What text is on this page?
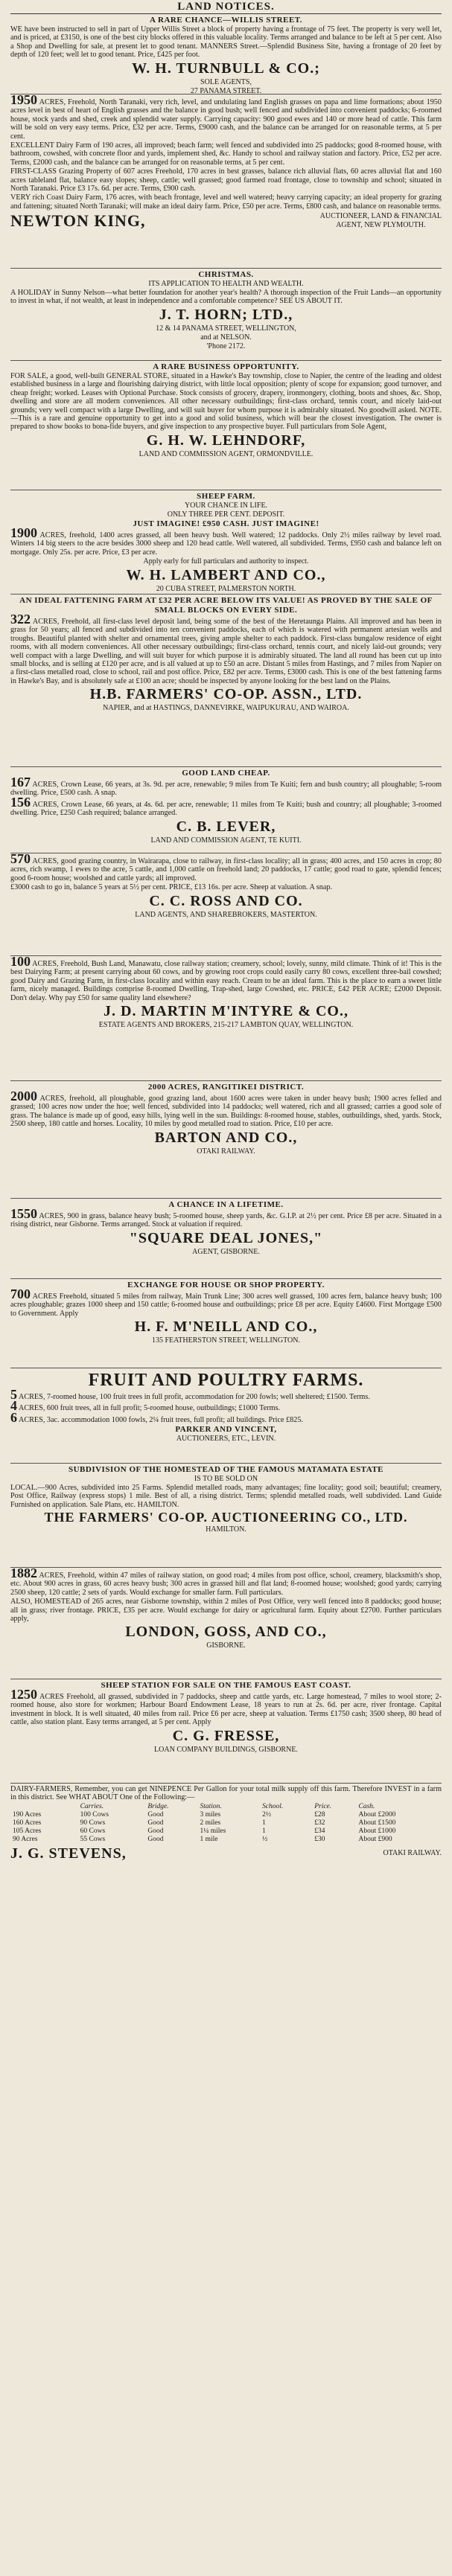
LAND NOTICES.

A RARE CHANCE—WILLIS STREET.

WE have been instructed to sell in part of Upper Willis Street a block of property having a frontage of 75 feet. The property is very well let, and is priced, at £3150, is one of the best city blocks offered in this valuable locality. Terms arranged and balance to be left at 5 per cent. Also a Shop and Dwelling for sale, at present let to good tenant. MANNERS Street.—Splendid Business Site, having a frontage of 20 feet by depth of 120 feet; well let to good tenant. Price, £425 per foot.

W. H. TURNBULL & CO.;

SOLE AGENTS,

27 PANAMA STREET.

1950 ACRES, Freehold, North Taranaki, very rich, level, and undulating land English grasses on papa and lime formations; about 1950 acres level in best of heart of English grasses and the balance in good bush; well fenced and subdivided into convenient paddocks; 6-roomed house, stock yards and shed, creek and splendid water supply. Carrying capacity: 900 good ewes and 140 or more head of cattle. This farm will be sold on very easy terms. Price, £32 per acre. Terms, £9000 cash, and the balance can be arranged for on reasonable terms, at 5 per cent.

EXCELLENT Dairy Farm of 190 acres, all improved; beach farm; well fenced and subdivided into 25 paddocks; good 8-roomed house, with bathroom, cowshed, with concrete floor and yards, implement shed, &c. Handy to school and railway station and factory. Price, £52 per acre. Terms, £2000 cash, and the balance can be arranged for on reasonable terms, at 5 per cent.

FIRST-CLASS Grazing Property of 607 acres Freehold, 170 acres in best grasses, balance rich alluvial flats, 60 acres alluvial flat and 160 acres tableland flat, balance easy slopes; sheep, cattle; well grassed; good farmed road frontage, close to township and school; situated in North Taranaki. Price £3 17s. 6d. per acre. Terms, £900 cash.

VERY rich Coast Dairy Farm, 176 acres, with beach frontage, level and well watered; heavy carrying capacity; an ideal property for grazing and fattening; situated North Taranaki; will make an ideal dairy farm. Price, £50 per acre. Terms, £800 cash, and balance on reasonable terms.

NEWTON KING,	AUCTIONEER, LAND & FINANCIAL
AGENT, NEW PLYMOUTH.

CHRISTMAS.

ITS APPLICATION TO HEALTH AND WEALTH.

A HOLIDAY in Sunny Nelson—what better foundation for another year's health? A thorough inspection of the Fruit Lands—an opportunity to invest in what, if not wealth, at least in independence and a comfortable competence? SEE US ABOUT IT.

J. T. HORN; LTD.,

12 & 14 PANAMA STREET, WELLINGTON,

and at NELSON.

'Phone 2172.

A RARE BUSINESS OPPORTUNITY.

FOR SALE, a good, well-built GENERAL STORE, situated in a Hawke's Bay township, close to Napier, the centre of the leading and oldest established business in a large and flourishing dairying district, with little local opposition; plenty of scope for expansion; good turnover, and cheap freight; worked. Leases with Optional Purchase. Stock consists of grocery, drapery, ironmongery, clothing, boots and shoes, &c. Shop, dwelling and store are all modern conveniences. All other necessary outbuildings; first-class orchard, tennis court, and nicely laid-out grounds; very well compact with a large Dwelling, and will suit buyer for whom purpose it is admirably situated. No goodwill asked. NOTE.—This is a rare and genuine opportunity to get into a good and solid business, which will bear the closest investigation. The owner is prepared to show books to bona-fide buyers, and give inspection to any prospective buyer. Full particulars from Sole Agent,

G. H. W. LEHNDORF,

LAND AND COMMISSION AGENT, ORMONDVILLE.

SHEEP FARM.

YOUR CHANCE IN LIFE.

ONLY THREE PER CENT. DEPOSIT.

JUST IMAGINE! £950 CASH. JUST IMAGINE!

1900 ACRES, freehold, 1400 acres grassed, all been heavy bush. Well watered; 12 paddocks. Only 2½ miles railway by level road. Winters 14 big steers to the acre besides 3000 sheep and 120 head cattle. Well watered, all subdivided. Terms, £950 cash and balance left on mortgage. Only 25s. per acre. Price, £3 per acre.

Apply early for full particulars and authority to inspect.

W. H. LAMBERT AND CO.,

20 CUBA STREET, PALMERSTON NORTH.

AN IDEAL FATTENING FARM AT £32 PER ACRE BELOW ITS VALUE! AS PROVED BY THE SALE OF SMALL BLOCKS ON EVERY SIDE.

322 ACRES, Freehold, all first-class level deposit land, being some of the best of the Heretaunga Plains. All improved and has been in grass for 50 years; all fenced and subdivided into ten convenient paddocks, each of which is watered with permanent artesian wells and troughs. Beautiful planted with shelter and ornamental trees, giving ample shelter to each paddock. First-class bungalow residence of eight rooms, with all modern conveniences. All other necessary outbuildings; first-class orchard, tennis court, and nicely laid-out grounds; very well compact with a large Dwelling, and will suit buyer for which purpose it is admirably situated. The land all round has been cut up into small blocks, and is selling at £120 per acre, and is all valued at up to £50 an acre. Distant 5 miles from Hastings, and 7 miles from Napier on a first-class metalled road, close to school, rail and post office. Price, £82 per acre. Terms, £3000 cash. This is one of the best fattening farms in Hawke's Bay, and is absolutely safe at £100 an acre; should be inspected by anyone looking for the best land on the Plains.

H.B. FARMERS' CO-OP. ASSN., LTD.

NAPIER, and at HASTINGS, DANNEVIRKE, WAIPUKURAU, AND WAIROA.

GOOD LAND CHEAP.

167 ACRES, Crown Lease, 66 years, at 3s. 9d. per acre, renewable; 9 miles from Te Kuiti; fern and bush country; all ploughable; 5-room dwelling. Price, £500 cash. A snap.

156 ACRES, Crown Lease, 66 years, at 4s. 6d. per acre, renewable; 11 miles from Te Kuiti; bush and country; all ploughable; 3-roomed dwelling. Price, £250 Cash required; balance arranged.

C. B. LEVER,

LAND AND COMMISSION AGENT, TE KUITI.

570 ACRES, good grazing country, in Wairarapa, close to railway, in first-class locality; all in grass; 400 acres, and 150 acres in crop; 80 acres, rich swamp, 1 ewes to the acre, 5 cattle, and 1,000 cattle on freehold land; 20 paddocks, 17 cattle; good road to gate, splendid fences; good 6-room house; woolshed and cattle yards; all improved.

£3000 cash to go in, balance 5 years at 5½ per cent. PRICE, £13 16s. per acre. Sheep at valuation. A snap.

C. C. ROSS AND CO.

LAND AGENTS, AND SHAREBROKERS, MASTERTON.

100 ACRES, Freehold, Bush Land, Manawatu, close railway station; creamery, school; lovely, sunny, mild climate. Think of it! This is the best Dairying Farm; at present carrying about 60 cows, and by growing root crops could easily carry 80 cows, excellent three-bail cowshed; good Dairy and Grazing Farm, in first-class locality and within easy reach. Cream to be an ideal farm. This is the place to earn a sweet little farm, nicely managed. Buildings comprise 8-roomed Dwelling, Trap-shed, large Cowshed, etc. PRICE, £42 PER ACRE; £2000 Deposit. Don't delay. Why pay £50 for same quality land elsewhere?

J. D. MARTIN M'INTYRE & CO.,

ESTATE AGENTS AND BROKERS, 215-217 LAMBTON QUAY, WELLINGTON.

2000 ACRES, RANGITIKEI DISTRICT.

2000 ACRES, freehold, all ploughable, good grazing land, about 1600 acres were taken in under heavy bush; 1900 acres felled and grassed; 100 acres now under the hoe; well fenced, subdivided into 14 paddocks; well watered, rich and all grassed; carries a good sole of grass. The balance is made up of good, easy hills, lying well in the sun. Buildings: 8-roomed house, stables, outbuildings, shed, yards. Stock, 2500 sheep, 180 cattle and horses. Locality, 10 miles by good metalled road to station. Price, £10 per acre.

BARTON AND CO.,

OTAKI RAILWAY.

A CHANCE IN A LIFETIME.

1550 ACRES, 900 in grass, balance heavy bush; 5-roomed house, sheep yards, &c. G.I.P. at 2½ per cent. Price £8 per acre. Situated in a rising district, near Gisborne. Terms arranged. Stock at valuation if required.

"SQUARE DEAL JONES,"

AGENT, GISBORNE.

EXCHANGE FOR HOUSE OR SHOP PROPERTY.

700 ACRES Freehold, situated 5 miles from railway, Main Trunk Line; 300 acres well grassed, 100 acres fern, balance heavy bush; 100 acres ploughable; grazes 1000 sheep and 150 cattle; 6-roomed house and outbuildings; price £8 per acre. Equity £4600. First Mortgage £500 to Government. Apply

H. F. M'NEILL AND CO.,

135 FEATHERSTON STREET, WELLINGTON.

FRUIT AND POULTRY FARMS.

5 ACRES, 7-roomed house, 100 fruit trees in full profit, accommodation for 200 fowls; well sheltered; £1500. Terms.

4 ACRES, 600 fruit trees, all in full profit; 5-roomed house, outbuildings; £1000 Terms.

6 ACRES, 3ac. accommodation 1000 fowls, 2¼ fruit trees, full profit; all buildings. Price £825.

PARKER AND VINCENT,

AUCTIONEERS, ETC., LEVIN.

SUBDIVISION OF THE HOMESTEAD OF THE FAMOUS MATAMATA ESTATE

IS TO BE SOLD ON

LOCAL.—900 Acres, subdivided into 25 Farms. Splendid metalled roads, many advantages; fine locality; good soil; beautiful; creamery, Post Office, Railway (express stops) 1 mile. Best of all, a rising district. Terms; splendid metalled roads, well subdivided. Land Guide Furnished on application. Sale Plans, etc. HAMILTON.

THE FARMERS' CO-OP. AUCTIONEERING CO., LTD.

HAMILTON.

1882 ACRES, Freehold, within 47 miles of railway station, on good road; 4 miles from post office, school, creamery, blacksmith's shop, etc. About 900 acres in grass, 60 acres heavy bush; 300 acres in grassed hill and flat land; 8-roomed house; woolshed; good yards; carrying 2500 sheep, 120 cattle; 2 sets of yards. Would exchange for smaller farm. Full particulars.

ALSO, HOMESTEAD of 265 acres, near Gisborne township, within 2 miles of Post Office, very well fenced into 8 paddocks; good house; all in grass; river frontage. PRICE, £35 per acre. Would exchange for dairy or agricultural farm. Equity about £2700. Further particulars apply,

LONDON, GOSS, AND CO.,

GISBORNE.

SHEEP STATION FOR SALE ON THE FAMOUS EAST COAST.

1250 ACRES Freehold, all grassed, subdivided in 7 paddocks, sheep and cattle yards, etc. Large homestead, 7 miles to wool store; 2-roomed house, also store for workmen; Harbour Board Endowment Lease, 18 years to run at 2s. 6d. per acre, river frontage. Capital investment in block. It is well situated, 40 miles from rail. Price £6 per acre, sheep at valuation. Terms £1750 cash; 3500 sheep, 80 head of cattle, also station plant. Easy terms arranged, at 5 per cent. Apply

C. G. FRESSE,

LOAN COMPANY BUILDINGS, GISBORNE.

DAIRY-FARMERS, Remember, you can get NINEPENCE Per Gallon for your total milk supply off this farm. Therefore INVEST in a farm in this district. See WHAT ABOUT One of the Following:—

	Carries.	Bridge.	Station.	School.	Price.	Cash.
190 Acres	100 Cows	Good	3 miles	2½	£28	About £2000
160 Acres	90 Cows	Good	2 miles	1	£32	About £1500
105 Acres	60 Cows	Good	1¼ miles	1	£34	About £1000
90 Acres	55 Cows	Good	1 mile	½	£30	About £900
J. G. STEVENS,	OTAKI RAILWAY.
